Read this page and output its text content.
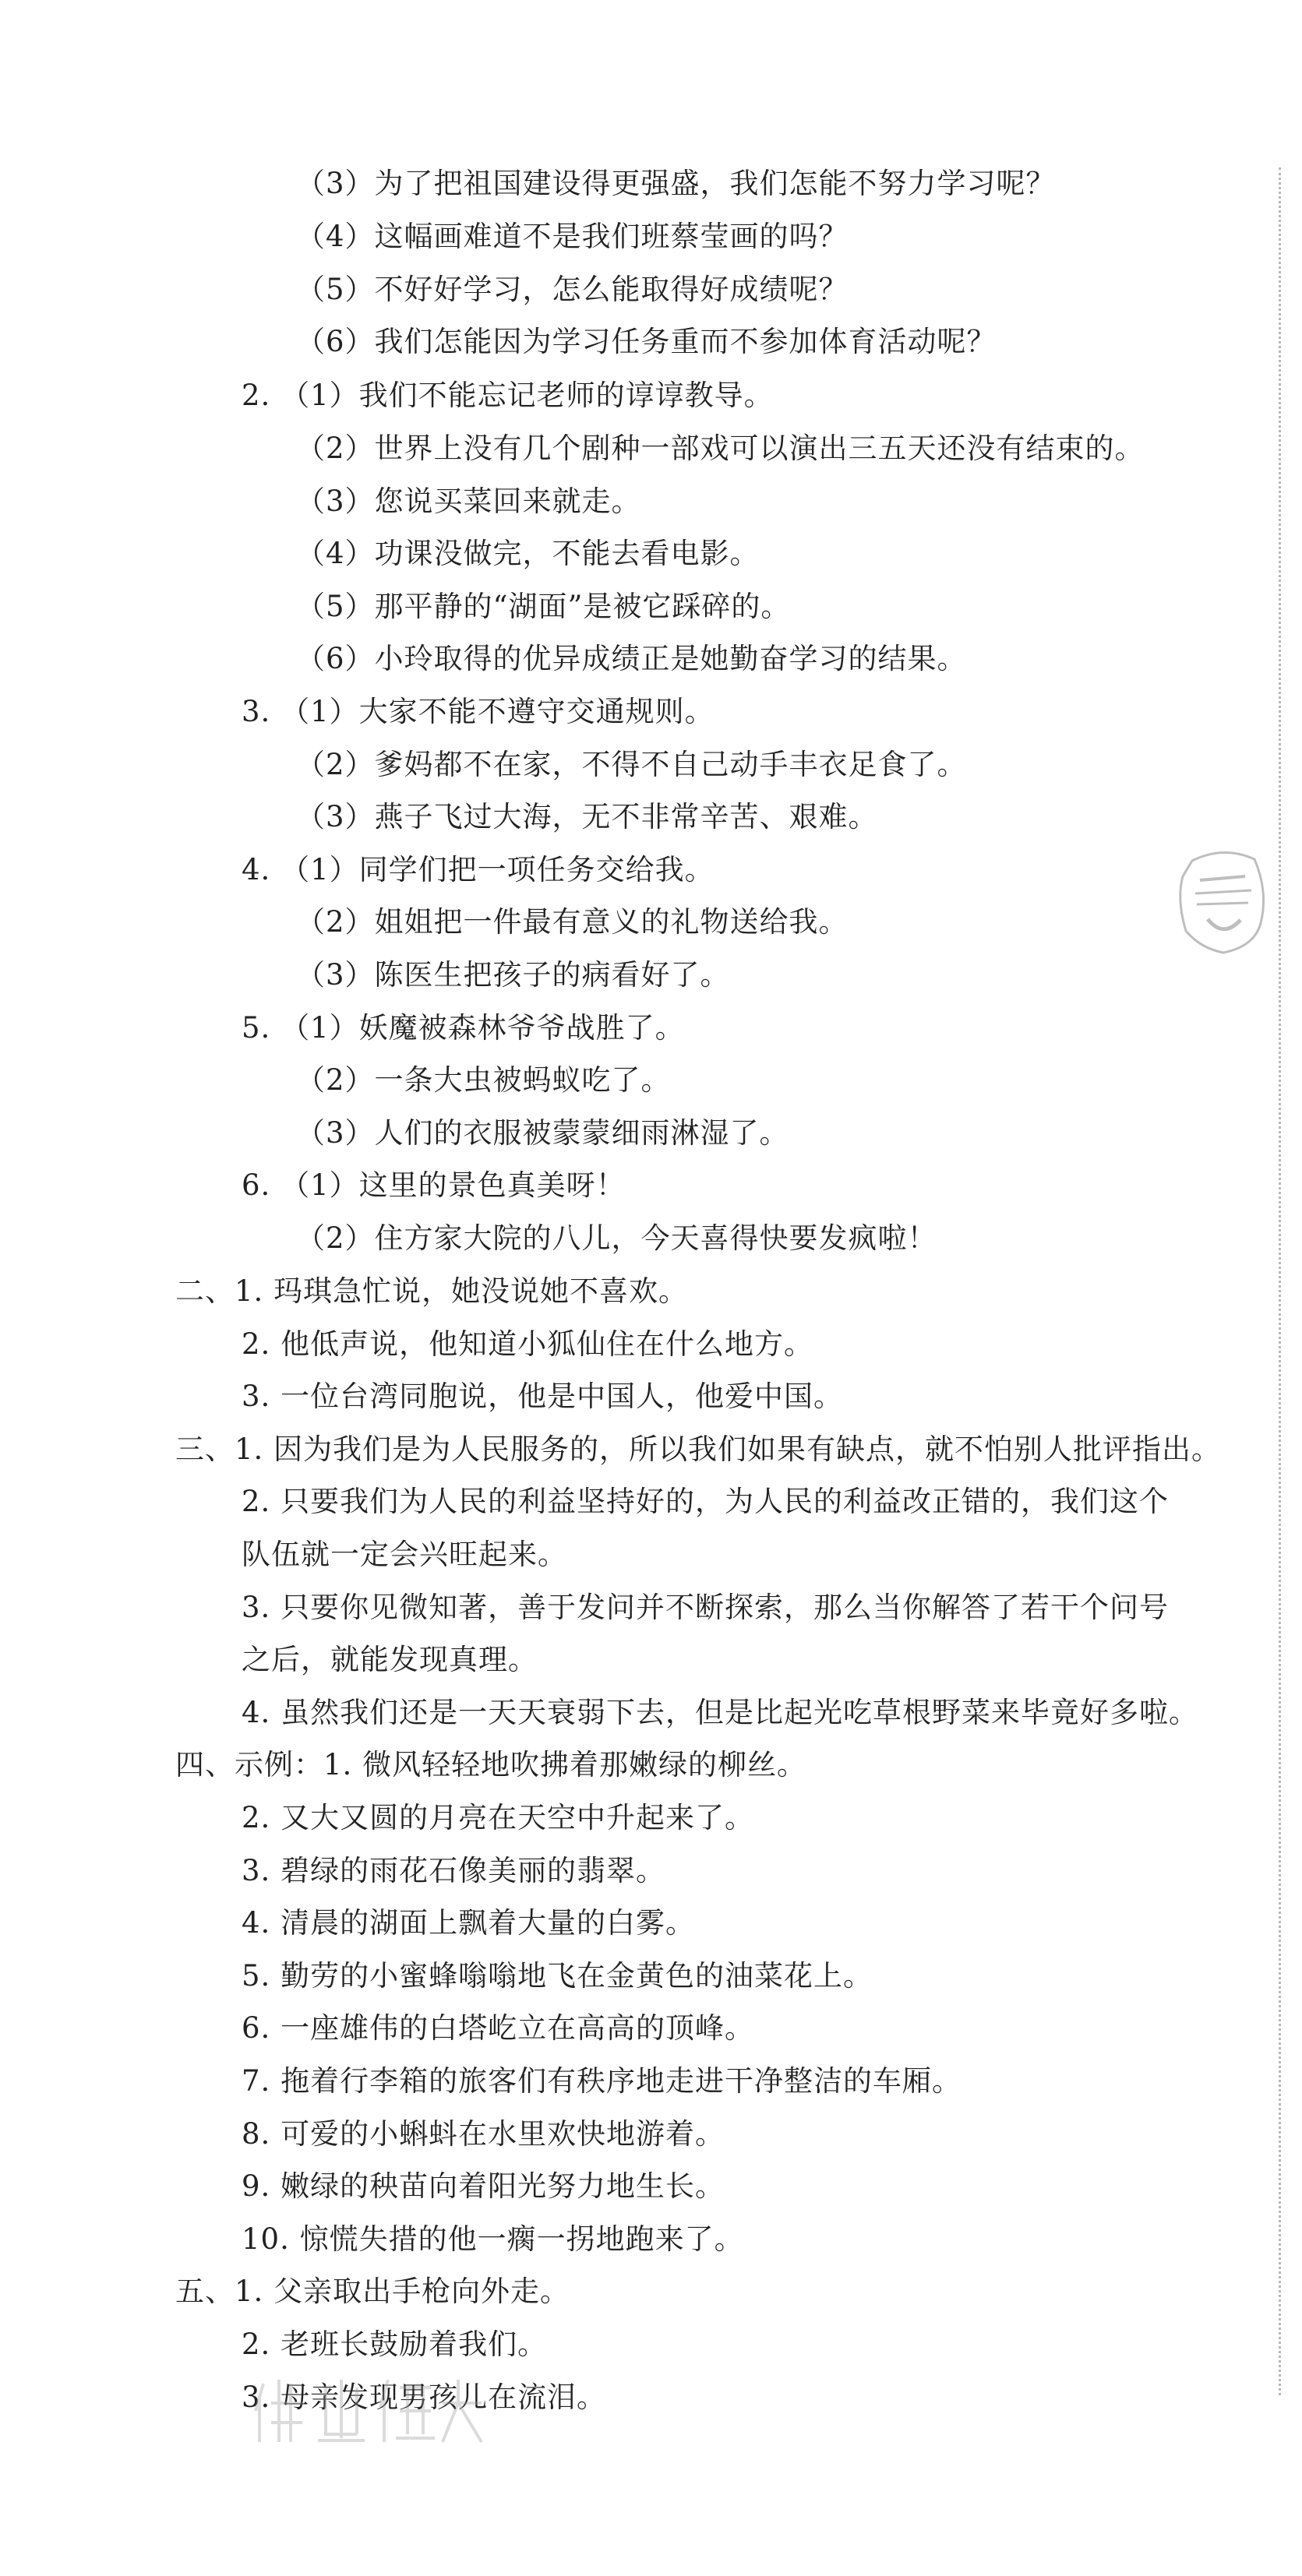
（3）为了把祖国建设得更强盛，我们怎能不努力学习呢？
（4）这幅画难道不是我们班蔡莹画的吗？
（5）不好好学习，怎么能取得好成绩呢？
（6）我们怎能因为学习任务重而不参加体育活动呢？
2. （1）我们不能忘记老师的谆谆教导。
（2）世界上没有几个剧种一部戏可以演出三五天还没有结束的。
（3）您说买菜回来就走。
（4）功课没做完，不能去看电影。
（5）那平静的“湖面”是被它踩碎的。
（6）小玲取得的优异成绩正是她勤奋学习的结果。
3. （1）大家不能不遵守交通规则。
（2）爹妈都不在家，不得不自己动手丰衣足食了。
（3）燕子飞过大海，无不非常辛苦、艰难。
4. （1）同学们把一项任务交给我。
（2）姐姐把一件最有意义的礼物送给我。
（3）陈医生把孩子的病看好了。
5. （1）妖魔被森林爷爷战胜了。
（2）一条大虫被蚂蚁吃了。
（3）人们的衣服被蒙蒙细雨淋湿了。
6. （1）这里的景色真美呀！
（2）住方家大院的八儿，今天喜得快要发疯啦！
二、1. 玛琪急忙说，她没说她不喜欢。
2. 他低声说，他知道小狐仙住在什么地方。
3. 一位台湾同胞说，他是中国人，他爱中国。
三、1. 因为我们是为人民服务的，所以我们如果有缺点，就不怕别人批评指出。
2. 只要我们为人民的利益坚持好的，为人民的利益改正错的，我们这个
队伍就一定会兴旺起来。
3. 只要你见微知著，善于发问并不断探索，那么当你解答了若干个问号
之后，就能发现真理。
4. 虽然我们还是一天天衰弱下去，但是比起光吃草根野菜来毕竟好多啦。
四、示例：1. 微风轻轻地吹拂着那嫩绿的柳丝。
2. 又大又圆的月亮在天空中升起来了。
3. 碧绿的雨花石像美丽的翡翠。
4. 清晨的湖面上飘着大量的白雾。
5. 勤劳的小蜜蜂嗡嗡地飞在金黄色的油菜花上。
6. 一座雄伟的白塔屹立在高高的顶峰。
7. 拖着行李箱的旅客们有秩序地走进干净整洁的车厢。
8. 可爱的小蝌蚪在水里欢快地游着。
9. 嫩绿的秧苗向着阳光努力地生长。
10. 惊慌失措的他一瘸一拐地跑来了。
五、1. 父亲取出手枪向外走。
2. 老班长鼓励着我们。
3. 母亲发现男孩儿在流泪。
